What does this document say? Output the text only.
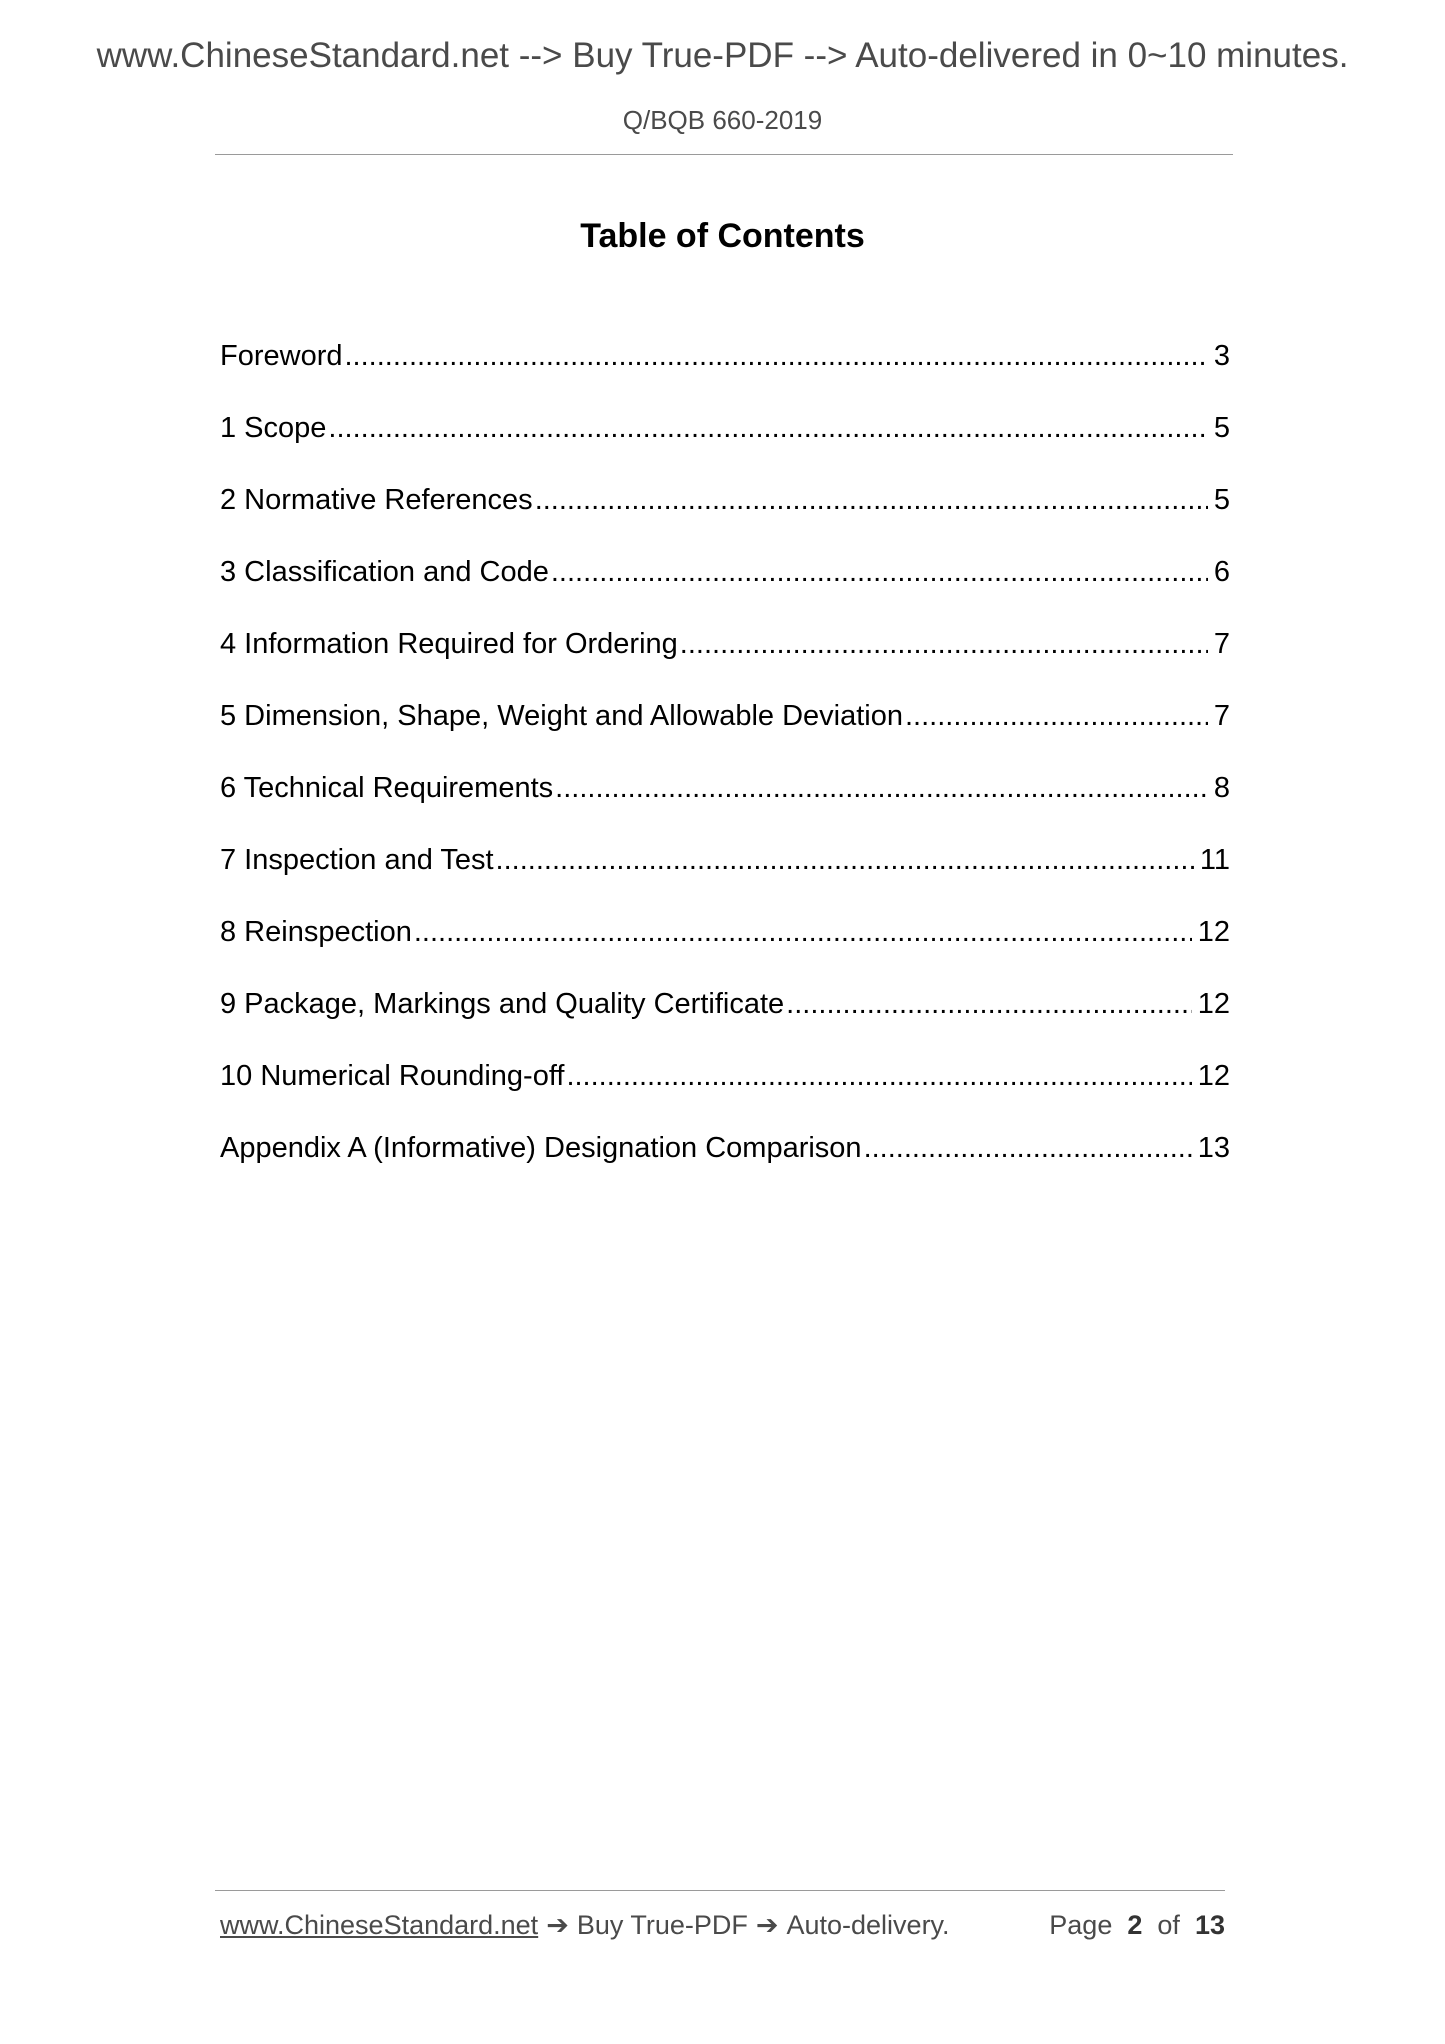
www.ChineseStandard.net --> Buy True-PDF --> Auto-delivered in 0~10 minutes.
Q/BQB 660-2019
Table of Contents
Foreword .....	3
1 Scope .....	5
2 Normative References .....	5
3 Classification and Code .....	6
4 Information Required for Ordering .....	7
5 Dimension, Shape, Weight and Allowable Deviation .....	7
6 Technical Requirements .....	8
7 Inspection and Test .....	11
8 Reinspection .....	12
9 Package, Markings and Quality Certificate .....	12
10 Numerical Rounding-off .....	12
Appendix A (Informative) Designation Comparison .....	13
www.ChineseStandard.net ➔ Buy True-PDF ➔ Auto-delivery.	Page 2 of 13
